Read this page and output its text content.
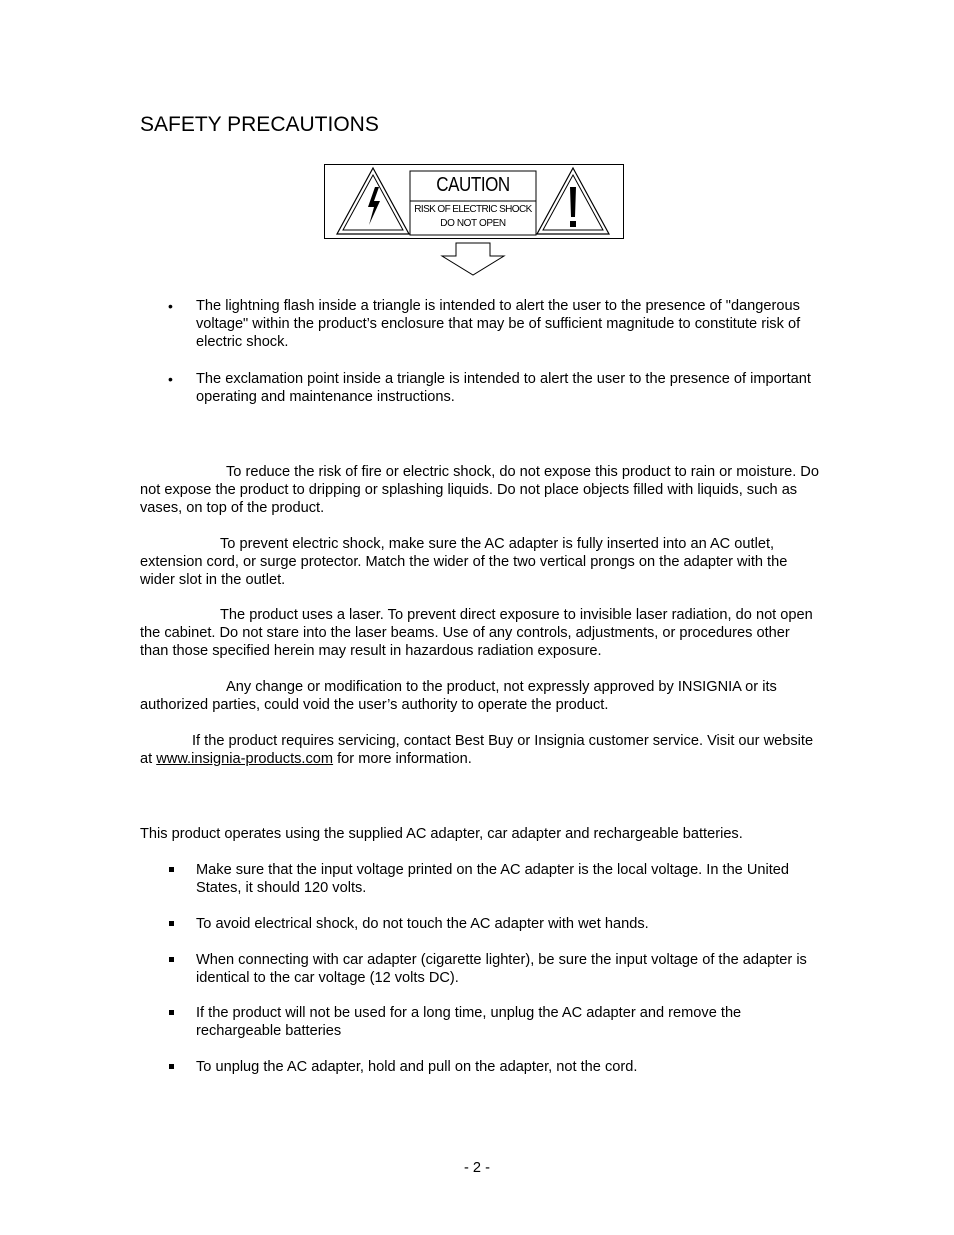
SAFETY PRECAUTIONS
CAUTION
RISK OF ELECTRIC SHOCK
DO NOT OPEN
•	The lightning flash inside a triangle is intended to alert the user to the presence of "dangerous voltage" within the product’s enclosure that may be of sufficient magnitude to constitute risk of electric shock.
•	The exclamation point inside a triangle is intended to alert the user to the presence of important operating and maintenance instructions.
To reduce the risk of fire or electric shock, do not expose this product to rain or moisture. Do not expose the product to dripping or splashing liquids. Do not place objects filled with liquids, such as vases, on top of the product.
To prevent electric shock, make sure the AC adapter is fully inserted into an AC outlet, extension cord, or surge protector. Match the wider of the two vertical prongs on the adapter with the wider slot in the outlet.
The product uses a laser. To prevent direct exposure to invisible laser radiation, do not open the cabinet. Do not stare into the laser beams. Use of any controls, adjustments, or procedures other than those specified herein may result in hazardous radiation exposure.
Any change or modification to the product, not expressly approved by INSIGNIA or its authorized parties, could void the user’s authority to operate the product.
If the product requires servicing, contact Best Buy or Insignia customer service. Visit our website at www.insignia-products.com for more information.
This product operates using the supplied AC adapter, car adapter and rechargeable batteries.
Make sure that the input voltage printed on the AC adapter is the local voltage. In the United States, it should 120 volts.
To avoid electrical shock, do not touch the AC adapter with wet hands.
When connecting with car adapter (cigarette lighter), be sure the input voltage of the adapter is identical to the car voltage (12 volts DC).
If the product will not be used for a long time, unplug the AC adapter and remove the rechargeable batteries
To unplug the AC adapter, hold and pull on the adapter, not the cord.
- 2 -
